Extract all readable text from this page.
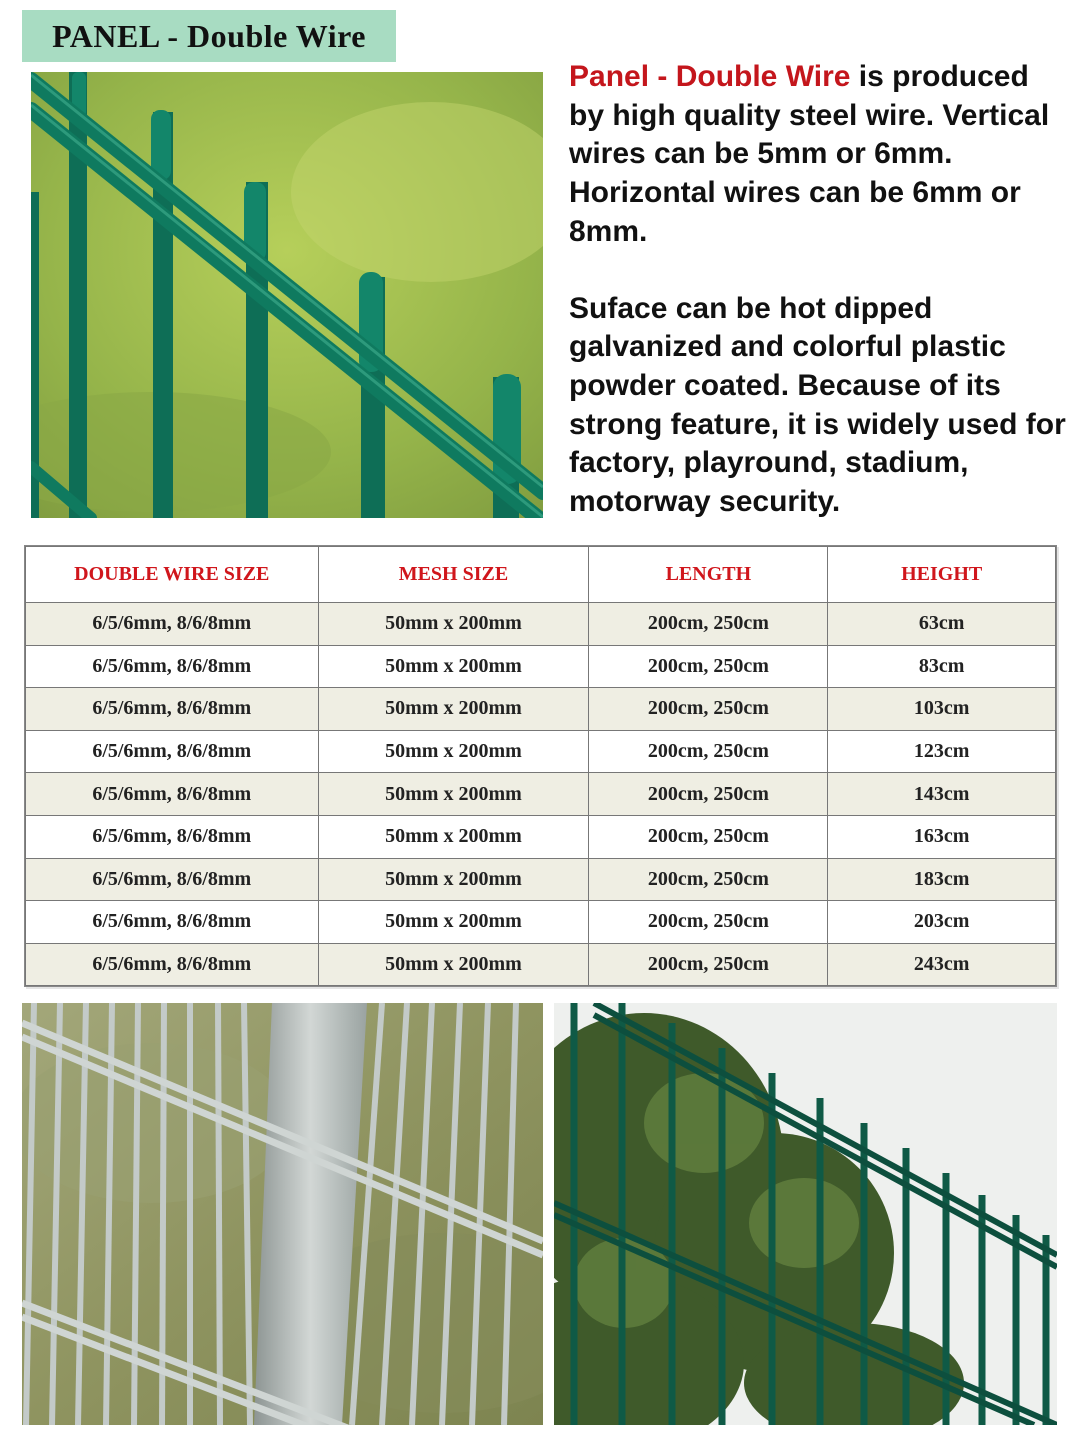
PANEL - Double Wire

Panel - Double Wire is produced by high quality steel wire. Vertical wires can be 5mm or 6mm. Horizontal wires can be 6mm or 8mm.

Suface can be hot dipped galvanized and colorful plastic powder coated. Because of its strong feature, it is widely used for factory, playround, stadium, motorway security.

DOUBLE WIRE SIZE	MESH SIZE	LENGTH	HEIGHT
6/5/6mm, 8/6/8mm	50mm x 200mm	200cm, 250cm	63cm
6/5/6mm, 8/6/8mm	50mm x 200mm	200cm, 250cm	83cm
6/5/6mm, 8/6/8mm	50mm x 200mm	200cm, 250cm	103cm
6/5/6mm, 8/6/8mm	50mm x 200mm	200cm, 250cm	123cm
6/5/6mm, 8/6/8mm	50mm x 200mm	200cm, 250cm	143cm
6/5/6mm, 8/6/8mm	50mm x 200mm	200cm, 250cm	163cm
6/5/6mm, 8/6/8mm	50mm x 200mm	200cm, 250cm	183cm
6/5/6mm, 8/6/8mm	50mm x 200mm	200cm, 250cm	203cm
6/5/6mm, 8/6/8mm	50mm x 200mm	200cm, 250cm	243cm
